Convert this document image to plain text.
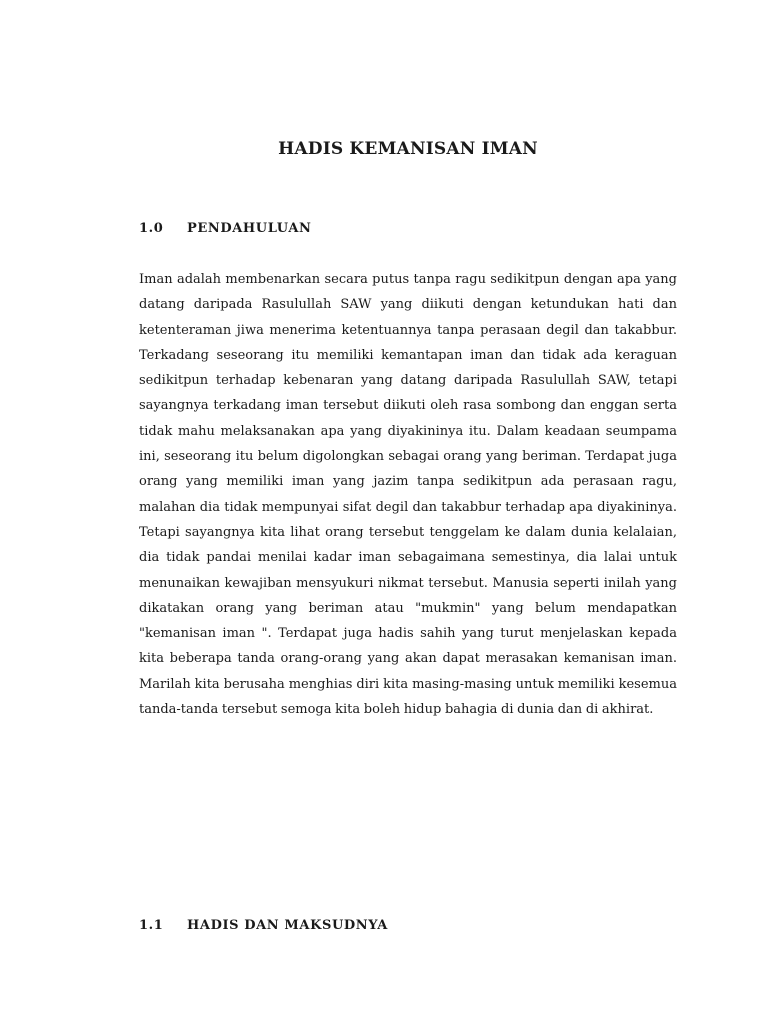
HADIS KEMANISAN IMAN
1.0	PENDAHULUAN

Iman adalah membenarkan secara putus tanpa ragu sedikitpun dengan apa yang datang daripada Rasulullah SAW yang diikuti dengan ketundukan hati dan ketenteraman jiwa menerima ketentuannya tanpa perasaan degil dan takabbur. Terkadang seseorang itu memiliki kemantapan iman dan tidak ada keraguan sedikitpun terhadap kebenaran yang datang daripada Rasulullah SAW, tetapi sayangnya terkadang iman tersebut diikuti oleh rasa sombong dan enggan serta tidak mahu melaksanakan apa yang diyakininya itu. Dalam keadaan seumpama ini, seseorang itu belum digolongkan sebagai orang yang beriman. Terdapat juga orang yang memiliki iman yang jazim tanpa sedikitpun ada perasaan ragu, malahan dia tidak mempunyai sifat degil dan takabbur terhadap apa diyakininya. Tetapi sayangnya kita lihat orang tersebut tenggelam ke dalam dunia kelalaian, dia tidak pandai menilai kadar iman sebagaimana semestinya, dia lalai untuk menunaikan kewajiban mensyukuri nikmat tersebut. Manusia seperti inilah yang dikatakan orang yang beriman atau "mukmin" yang belum mendapatkan "kemanisan iman ". Terdapat juga hadis sahih yang turut menjelaskan kepada kita beberapa tanda orang-orang yang akan dapat merasakan kemanisan iman. Marilah kita berusaha menghias diri kita masing-masing untuk memiliki kesemua tanda-tanda tersebut semoga kita boleh hidup bahagia di dunia dan di akhirat.

1.1	HADIS DAN MAKSUDNYA
